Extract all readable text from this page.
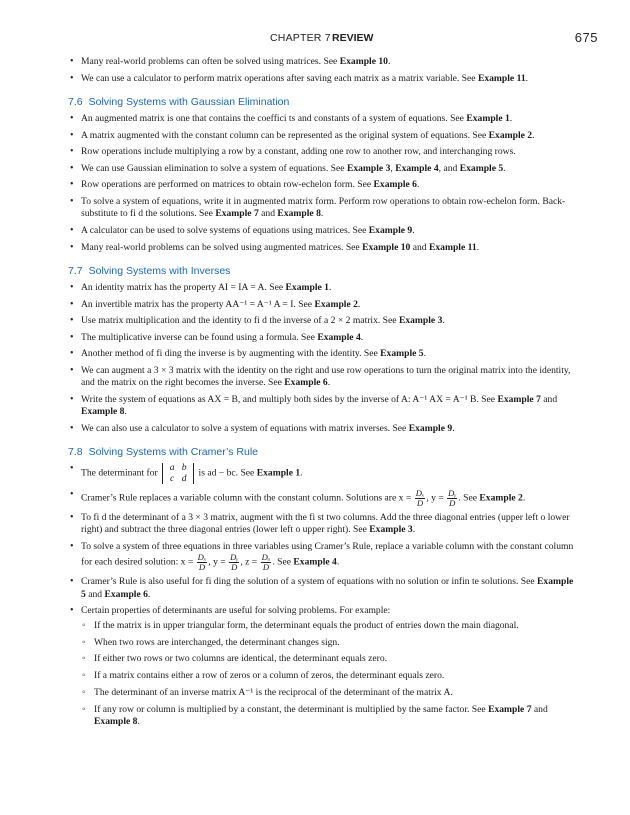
CHAPTER 7 REVIEW	675
• Many real-world problems can often be solved using matrices. See Example 10.
• We can use a calculator to perform matrix operations after saving each matrix as a matrix variable. See Example 11.
7.6 Solving Systems with Gaussian Elimination
• An augmented matrix is one that contains the coeffici ts and constants of a system of equations. See Example 1.
• A matrix augmented with the constant column can be represented as the original system of equations. See Example 2.
• Row operations include multiplying a row by a constant, adding one row to another row, and interchanging rows.
• We can use Gaussian elimination to solve a system of equations. See Example 3, Example 4, and Example 5.
• Row operations are performed on matrices to obtain row-echelon form. See Example 6.
• To solve a system of equations, write it in augmented matrix form. Perform row operations to obtain row-echelon form. Back-substitute to fi d the solutions. See Example 7 and Example 8.
• A calculator can be used to solve systems of equations using matrices. See Example 9.
• Many real-world problems can be solved using augmented matrices. See Example 10 and Example 11.
7.7 Solving Systems with Inverses
• An identity matrix has the property AI = IA = A. See Example 1.
• An invertible matrix has the property AA⁻¹ = A⁻¹ A = I. See Example 2.
• Use matrix multiplication and the identity to fi d the inverse of a 2 × 2 matrix. See Example 3.
• The multiplicative inverse can be found using a formula. See Example 4.
• Another method of fi ding the inverse is by augmenting with the identity. See Example 5.
• We can augment a 3 × 3 matrix with the identity on the right and use row operations to turn the original matrix into the identity, and the matrix on the right becomes the inverse. See Example 6.
• Write the system of equations as AX = B, and multiply both sides by the inverse of A: A⁻¹ AX = A⁻¹ B. See Example 7 and Example 8.
• We can also use a calculator to solve a system of equations with matrix inverses. See Example 9.
7.8 Solving Systems with Cramer’s Rule
• The determinant for a b
c d is ad − bc. See Example 1.
• Cramer’s Rule replaces a variable column with the constant column. Solutions are $x = \frac{\text{Dₓ}}{D}$ , $y = \frac{\text{Dᵧ}}{D}$ . See Example 2.
• To fi d the determinant of a 3 × 3 matrix, augment with the fi st two columns. Add the three diagonal entries (upper left o lower right) and subtract the three diagonal entries (lower left o upper right). See Example 3.
• To solve a system of three equations in three variables using Cramer’s Rule, replace a variable column with the constant column for each desired solution: $x = \frac{\text{Dₓ}}{D}$ , $y = \frac{\text{Dᵧ}}{D}$ , $z = \frac{\text{Dᵤ}}{D}$ . See Example 4.
• Cramer’s Rule is also useful for fi ding the solution of a system of equations with no solution or infin te solutions. See Example 5 and Example 6.
• Certain properties of determinants are useful for solving problems. For example:
◦ If the matrix is in upper triangular form, the determinant equals the product of entries down the main diagonal.
◦ When two rows are interchanged, the determinant changes sign.
◦ If either two rows or two columns are identical, the determinant equals zero.
◦ If a matrix contains either a row of zeros or a column of zeros, the determinant equals zero.
◦ The determinant of an inverse matrix A⁻¹ is the reciprocal of the determinant of the matrix A.
◦ If any row or column is multiplied by a constant, the determinant is multiplied by the same factor. See Example 7 and Example 8.
